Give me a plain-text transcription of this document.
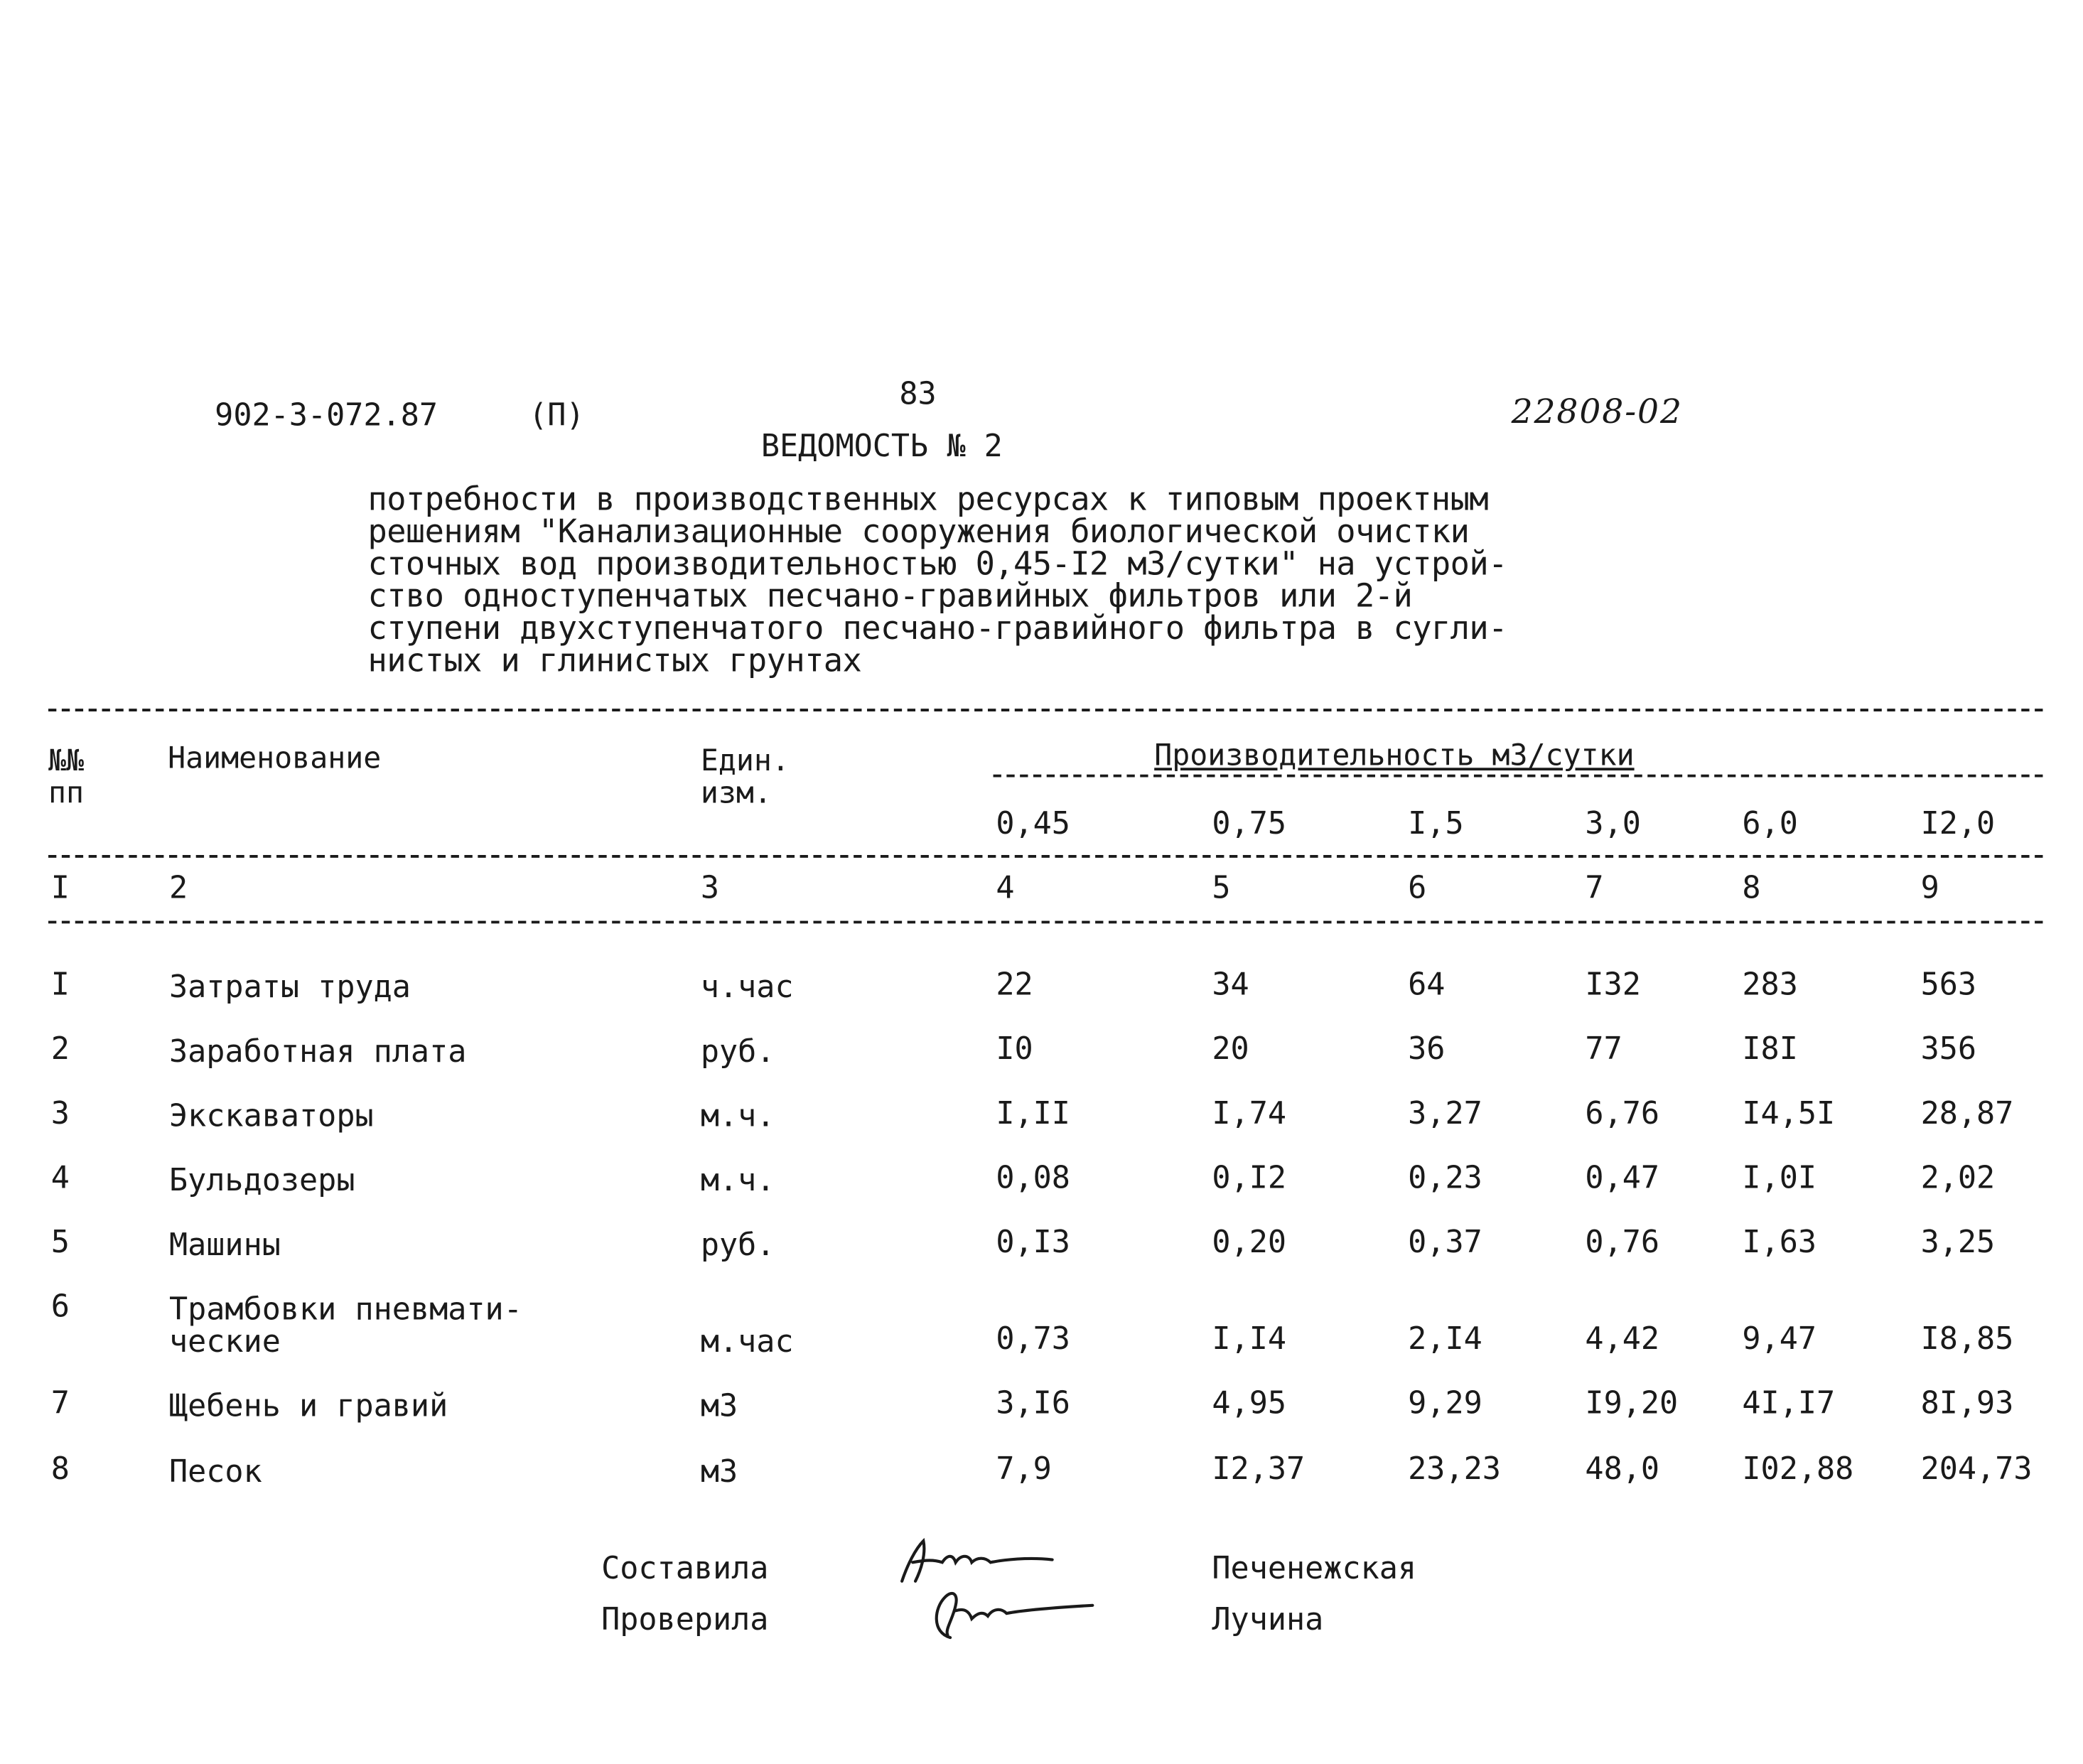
902-3-072.87	(П)
83	22808-02
ВЕДОМОСТЬ № 2
потребности в производственных ресурсах к типовым проектным
решениям "Канализационные сооружения биологической очистки
сточных вод производительностью 0,45-I2 м3/сутки" на устрой-
ство одноступенчатых песчано-гравийных фильтров или 2-й
ступени двухступенчатого песчано-гравийного фильтра в сугли-
нистых и глинистых грунтах
№№
пп
Наименование	Един.
изм.
Производительность м3/сутки
0,45	0,75	I,5	3,0	6,0	I2,0
I	2	3	4	5	6	7	8	9
I	Затраты труда	ч.час	22	34	64	I32	283	563
2	Заработная плата	руб.	I0	20	36	77	I8I	356
3	Экскаваторы	м.ч.	I,II	I,74	3,27	6,76	I4,5I	28,87
4	Бульдозеры	м.ч.	0,08	0,I2	0,23	0,47	I,0I	2,02
5	Машины	руб.	0,I3	0,20	0,37	0,76	I,63	3,25
6	Трамбовки пневмати-
ческие	м.час	0,73	I,I4	2,I4	4,42	9,47	I8,85
7	Щебень и гравий	м3	3,I6	4,95	9,29	I9,20	4I,I7	8I,93
8	Песок	м3	7,9	I2,37	23,23	48,0	I02,88	204,73
Составила
Проверила
Печенежская
Лучина
